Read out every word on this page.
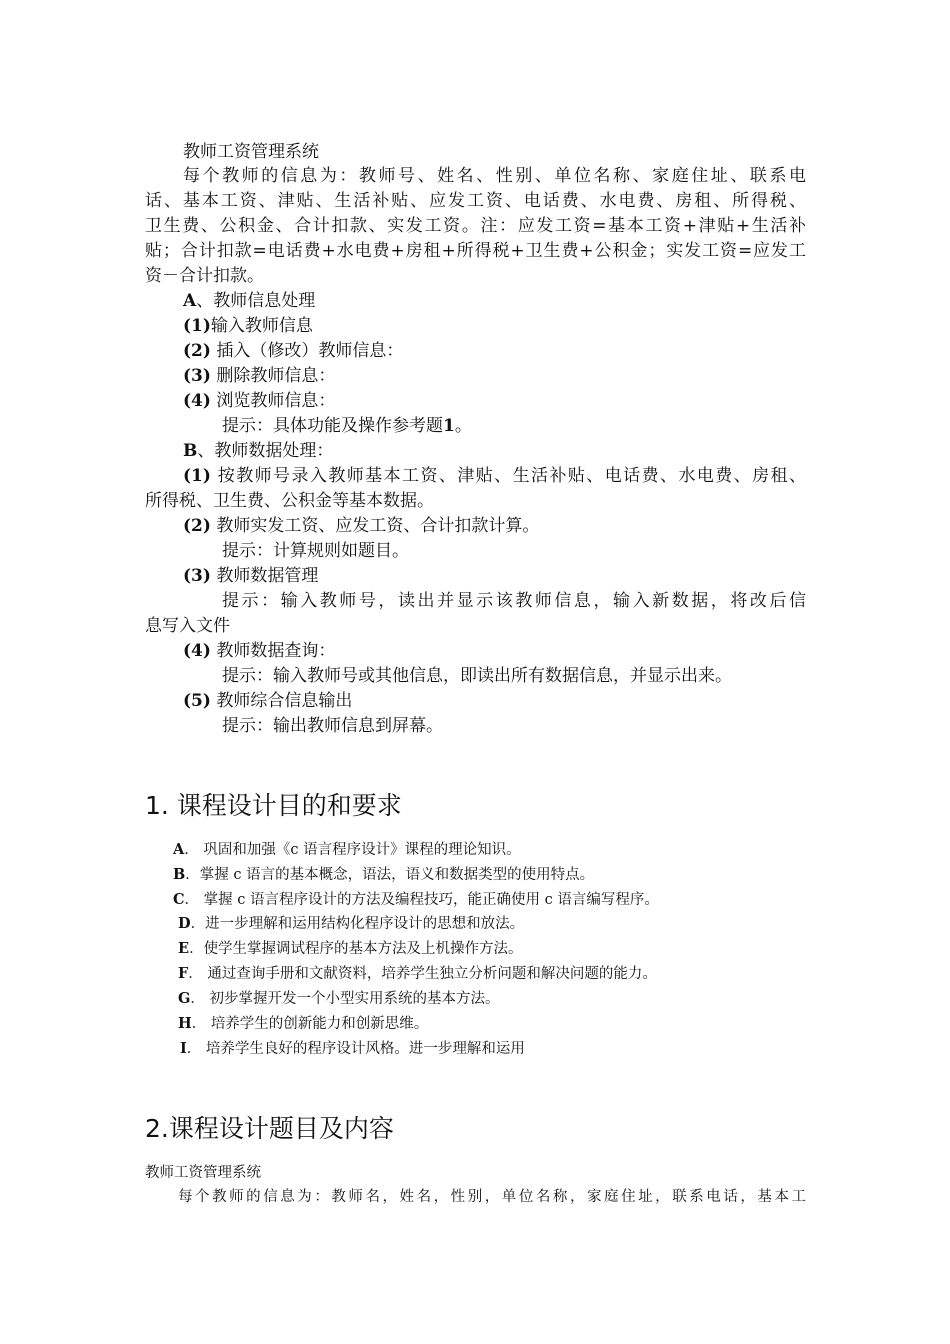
教师工资管理系统
每个教师的信息为：教师号、姓名、性别、单位名称、家庭住址、联系电
话、基本工资、津贴、生活补贴、应发工资、电话费、水电费、房租、所得税、
卫生费、公积金、合计扣款、实发工资。注：应发工资=基本工资+津贴+生活补
贴；合计扣款=电话费+水电费+房租+所得税+卫生费+公积金；实发工资=应发工
资－合计扣款。
A、教师信息处理
(1)输入教师信息
(2) 插入（修改）教师信息：
(3) 删除教师信息：
(4) 浏览教师信息：
提示：具体功能及操作参考题1。
B、教师数据处理：
(1) 按教师号录入教师基本工资、津贴、生活补贴、电话费、水电费、房租、
所得税、卫生费、公积金等基本数据。
(2) 教师实发工资、应发工资、合计扣款计算。
提示：计算规则如题目。
(3) 教师数据管理
提示：输入教师号，读出并显示该教师信息，输入新数据，将改后信
息写入文件
(4) 教师数据查询：
提示：输入教师号或其他信息，即读出所有数据信息，并显示出来。
(5) 教师综合信息输出
提示：输出教师信息到屏幕。
1. 课程设计目的和要求
A． 巩固和加强《c 语言程序设计》课程的理论知识。
B．掌握 c 语言的基本概念，语法，语义和数据类型的使用特点。
C． 掌握 c 语言程序设计的方法及编程技巧，能正确使用 c 语言编写程序。
D．进一步理解和运用结构化程序设计的思想和放法。
E．使学生掌握调试程序的基本方法及上机操作方法。
F． 通过查询手册和文献资料，培养学生独立分析问题和解决问题的能力。
G． 初步掌握开发一个小型实用系统的基本方法。
H． 培养学生的创新能力和创新思维。
I． 培养学生良好的程序设计风格。进一步理解和运用
2.课程设计题目及内容
教师工资管理系统
每个教师的信息为：教师名，姓名，性别，单位名称，家庭住址，联系电话，基本工
